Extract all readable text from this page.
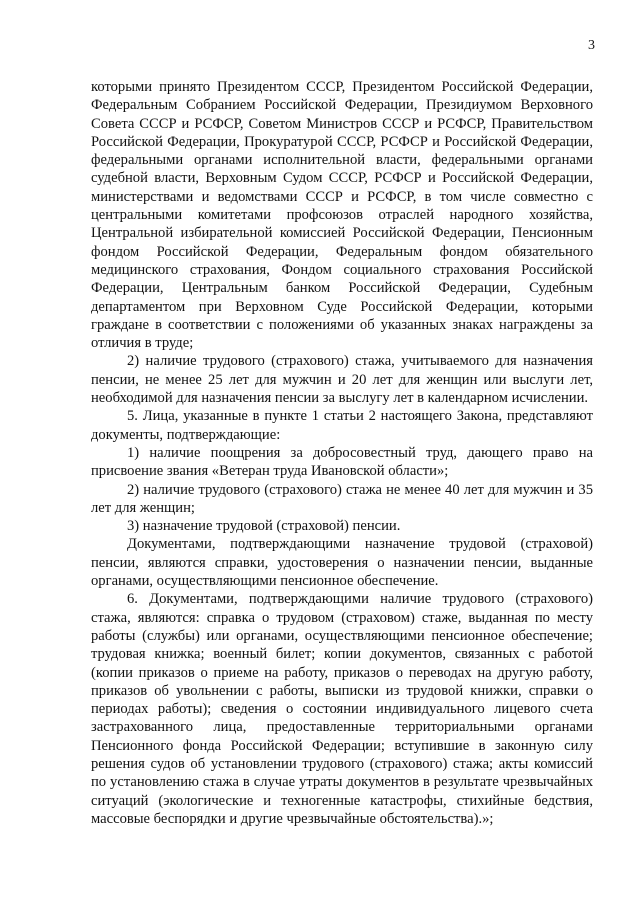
3

которыми принято Президентом СССР, Президентом Российской Федерации, Федеральным Собранием Российской Федерации, Президиумом Верховного Совета СССР и РСФСР, Советом Министров СССР и РСФСР, Правительством Российской Федерации, Прокуратурой СССР, РСФСР и Российской Федерации, федеральными органами исполнительной власти, федеральными органами судебной власти, Верховным Судом СССР, РСФСР и Российской Федерации, министерствами и ведомствами СССР и РСФСР, в том числе совместно с центральными комитетами профсоюзов отраслей народного хозяйства, Центральной избирательной комиссией Российской Федерации, Пенсионным фондом Российской Федерации, Федеральным фондом обязательного медицинского страхования, Фондом социального страхования Российской Федерации, Центральным банком Российской Федерации, Судебным департаментом при Верховном Суде Российской Федерации, которыми граждане в соответствии с положениями об указанных знаках награждены за отличия в труде;

2) наличие трудового (страхового) стажа, учитываемого для назначения пенсии, не менее 25 лет для мужчин и 20 лет для женщин или выслуги лет, необходимой для назначения пенсии за выслугу лет в календарном исчислении.

5. Лица, указанные в пункте 1 статьи 2 настоящего Закона, представляют документы, подтверждающие:

1) наличие поощрения за добросовестный труд, дающего право на присвоение звания «Ветеран труда Ивановской области»;

2) наличие трудового (страхового) стажа не менее 40 лет для мужчин и 35 лет для женщин;

3) назначение трудовой (страховой) пенсии.

Документами, подтверждающими назначение трудовой (страховой) пенсии, являются справки, удостоверения о назначении пенсии, выданные органами, осуществляющими пенсионное обеспечение.

6. Документами, подтверждающими наличие трудового (страхового) стажа, являются: справка о трудовом (страховом) стаже, выданная по месту работы (службы) или органами, осуществляющими пенсионное обеспечение; трудовая книжка; военный билет; копии документов, связанных с работой (копии приказов о приеме на работу, приказов о переводах на другую работу, приказов об увольнении с работы, выписки из трудовой книжки, справки о периодах работы); сведения о состоянии индивидуального лицевого счета застрахованного лица, предоставленные территориальными органами Пенсионного фонда Российской Федерации; вступившие в законную силу решения судов об установлении трудового (страхового) стажа; акты комиссий по установлению стажа в случае утраты документов в результате чрезвычайных ситуаций (экологические и техногенные катастрофы, стихийные бедствия, массовые беспорядки и другие чрезвычайные обстоятельства).»;
